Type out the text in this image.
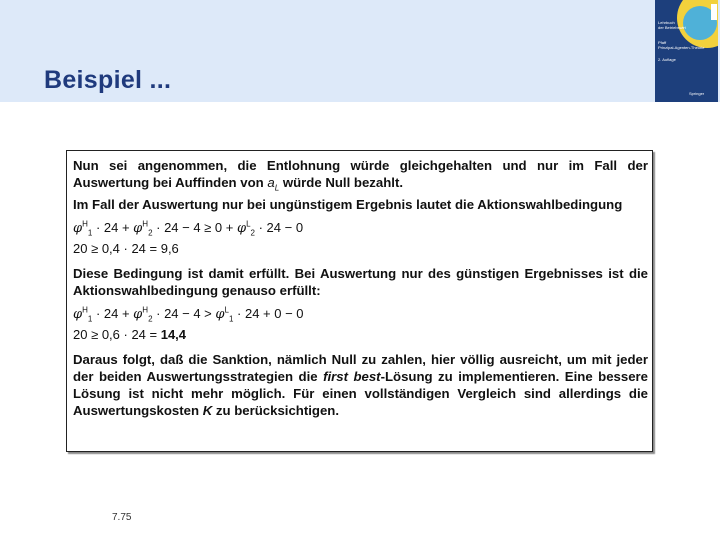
Beispiel ...
Lehrbuch
der Betriebswirt
Pfaff
Prinzipal-Agenten-Theorie
2. Auflage
Springer

Nun sei angenommen, die Entlohnung würde gleichgehalten und nur im Fall der
Auswertung bei Auffinden von $a_L$ würde Null bezahlt.

Im Fall der Auswertung nur bei ungünstigem Ergebnis lautet die Aktionswahlbedingung

$\varphi^H_1 \cdot 24 + \varphi^H_2 \cdot 24 - 4 \ge 0 + \varphi^L_2 \cdot 24 - 0$

20 ≥ 0,4 · 24 = 9,6

Diese Bedingung ist damit erfüllt. Bei Auswertung nur des günstigen Ergebnisses ist die
Aktionswahlbedingung genauso erfüllt:

$\varphi^H_1 \cdot 24 + \varphi^H_2 \cdot 24 - 4 > \varphi^L_1 \cdot 24 + 0 - 0$

20 ≥ 0,6 · 24 = 14,4

Daraus folgt, daß die Sanktion, nämlich Null zu zahlen, hier völlig ausreicht, um mit jeder
der beiden Auswertungsstrategien die first best-Lösung zu implementieren. Eine bessere
Lösung ist nicht mehr möglich. Für einen vollständigen Vergleich sind allerdings die
Auswertungskosten K zu berücksichtigen.

7.75
